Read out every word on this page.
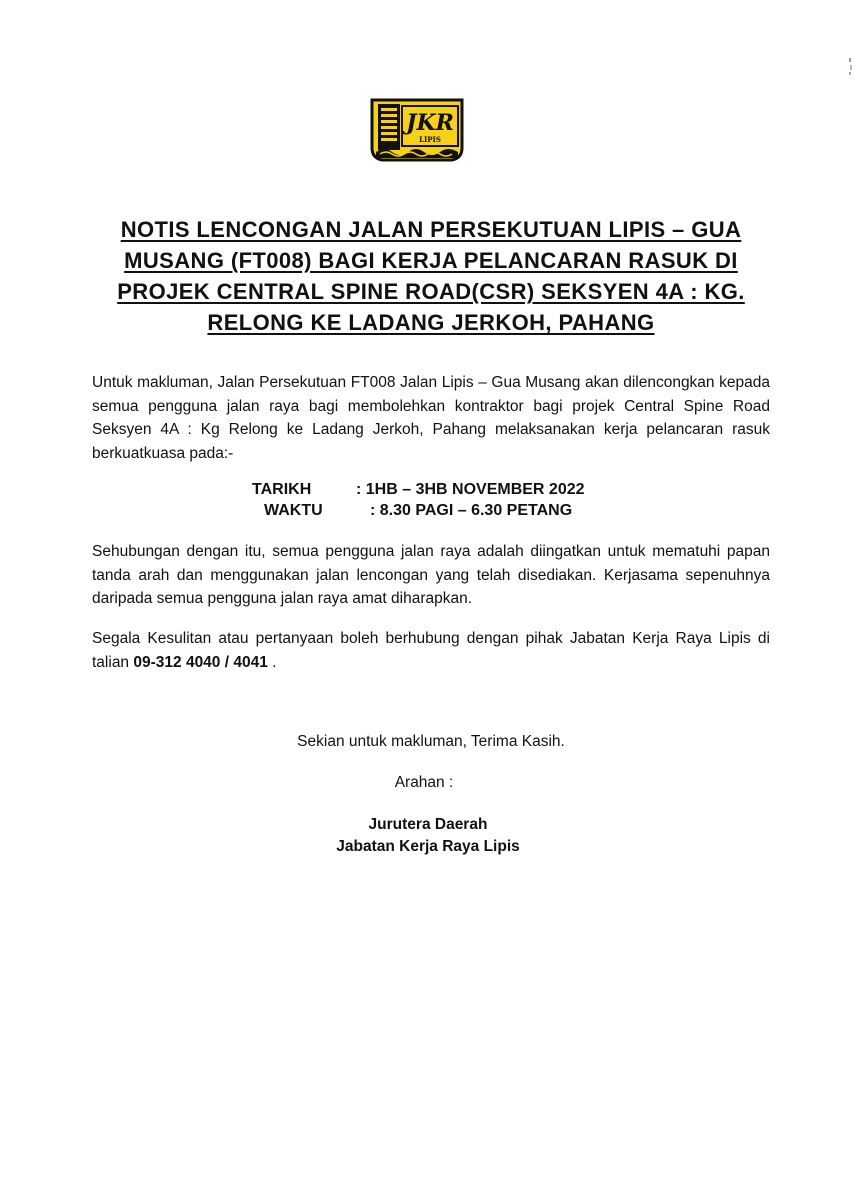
JKR
LIPIS
NOTIS LENCONGAN JALAN PERSEKUTUAN LIPIS – GUA
MUSANG (FT008) BAGI KERJA PELANCARAN RASUK DI
PROJEK CENTRAL SPINE ROAD(CSR) SEKSYEN 4A : KG.
RELONG KE LADANG JERKOH, PAHANG

Untuk makluman, Jalan Persekutuan FT008 Jalan Lipis – Gua Musang akan dilencongkan kepada semua pengguna jalan raya bagi membolehkan kontraktor bagi projek Central Spine Road Seksyen 4A : Kg Relong ke Ladang Jerkoh, Pahang melaksanakan kerja pelancaran rasuk berkuatkuasa pada:-

TARIKH	: 1HB – 3HB NOVEMBER 2022
WAKTU	: 8.30 PAGI – 6.30 PETANG

Sehubungan dengan itu, semua pengguna jalan raya adalah diingatkan untuk mematuhi papan tanda arah dan menggunakan jalan lencongan yang telah disediakan. Kerjasama sepenuhnya daripada semua pengguna jalan raya amat diharapkan.

Segala Kesulitan atau pertanyaan boleh berhubung dengan pihak Jabatan Kerja Raya Lipis di talian 09-312 4040 / 4041 .

Sekian untuk makluman, Terima Kasih.
Arahan :
Jurutera Daerah
Jabatan Kerja Raya Lipis
